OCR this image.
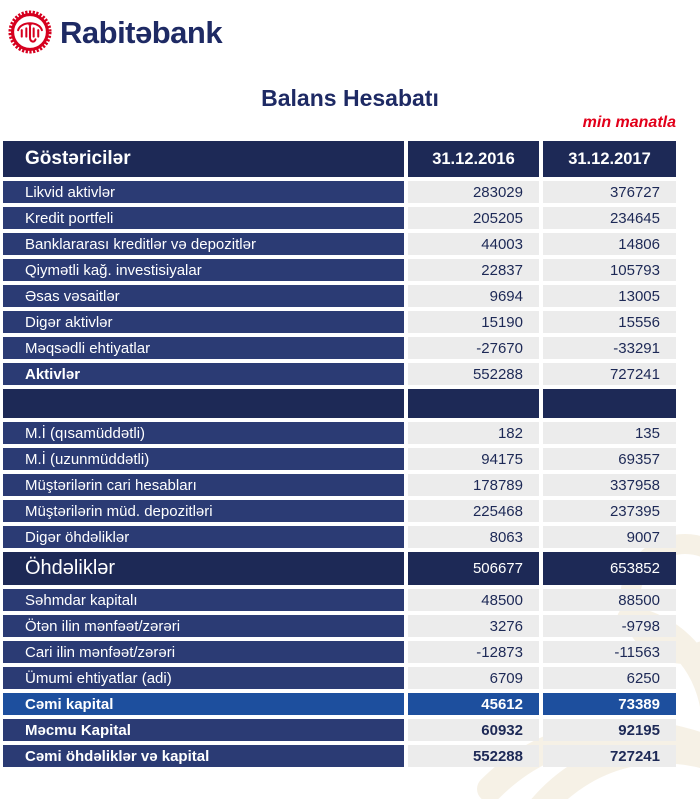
Rabitəbank
Balans Hesabatı
min manatla
Göstəricilər	31.12.2016	31.12.2017
Likvid aktivlər	283029	376727
Kredit portfeli	205205	234645
Banklararası kreditlər və depozitlər	44003	14806
Qiymətli kağ. investisiyalar	22837	105793
Əsas vəsaitlər	9694	13005
Digər aktivlər	15190	15556
Məqsədli ehtiyatlar	-27670	-33291
Aktivlər	552288	727241
M.İ (qısamüddətli)	182	135
M.İ (uzunmüddətli)	94175	69357
Müştərilərin cari hesabları	178789	337958
Müştərilərin müd. depozitləri	225468	237395
Digər öhdəliklər	8063	9007
Öhdəliklər	506677	653852
Səhmdar kapitalı	48500	88500
Ötən ilin mənfəət/zərəri	3276	-9798
Cari ilin mənfəət/zərəri	-12873	-11563
Ümumi ehtiyatlar (adi)	6709	6250
Cəmi kapital	45612	73389
Məcmu Kapital	60932	92195
Cəmi öhdəliklər və kapital	552288	727241
